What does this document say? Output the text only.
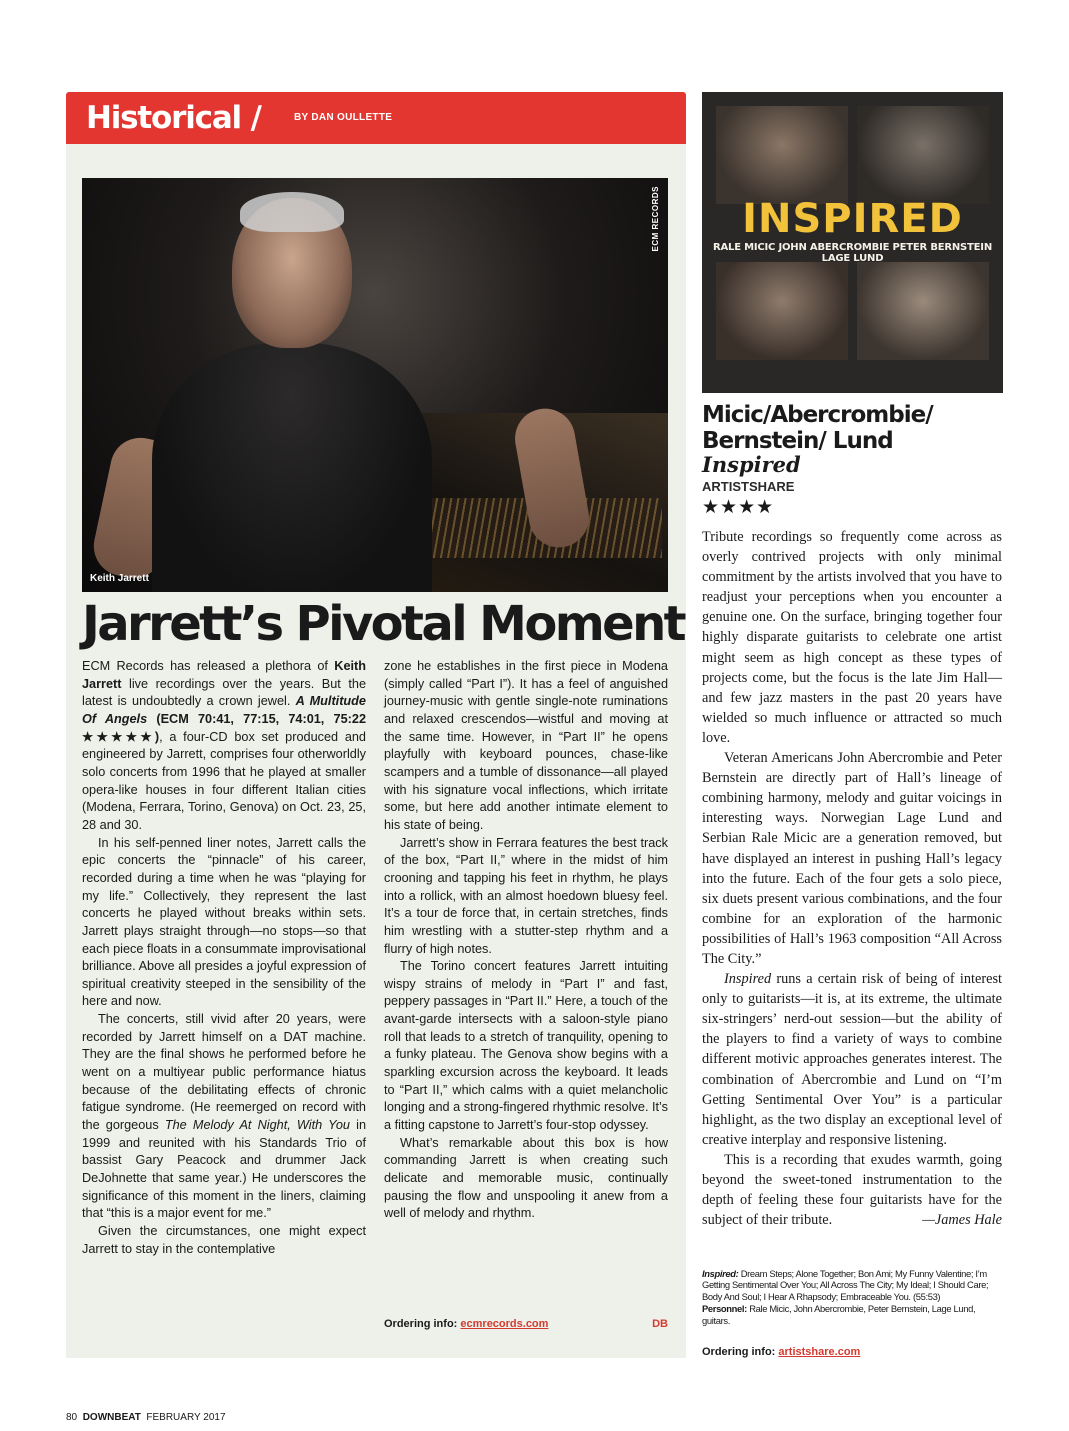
Historical /	BY DAN OULLETTE
Keith Jarrett
ECM RECORDS
Jarrett’s Pivotal Moment

ECM Records has released a plethora of Keith Jarrett live recordings over the years. But the latest is undoubtedly a crown jewel. A Multitude Of Angels (ECM 70:41, 77:15, 74:01, 75:22 ★★★★★), a four-CD box set produced and engineered by Jarrett, comprises four otherworldly solo concerts from 1996 that he played at smaller opera-like houses in four different Italian cities (Modena, Ferrara, Torino, Genova) on Oct. 23, 25, 28 and 30.

In his self-penned liner notes, Jarrett calls the epic concerts the “pinnacle” of his career, recorded during a time when he was “playing for my life.” Collectively, they represent the last concerts he played without breaks within sets. Jarrett plays straight through—no stops—so that each piece floats in a consummate improvisational brilliance. Above all presides a joyful expression of spiritual creativity steeped in the sensibility of the here and now.

The concerts, still vivid after 20 years, were recorded by Jarrett himself on a DAT machine. They are the final shows he performed before he went on a multiyear public performance hiatus because of the debilitating effects of chronic fatigue syndrome. (He reemerged on record with the gorgeous The Melody At Night, With You in 1999 and reunited with his Standards Trio of bassist Gary Peacock and drummer Jack DeJohnette that same year.) He underscores the significance of this moment in the liners, claiming that “this is a major event for me.”

Given the circumstances, one might expect Jarrett to stay in the contemplative

zone he establishes in the first piece in Modena (simply called “Part I”). It has a feel of anguished journey-music with gentle single-note ruminations and relaxed crescendos—wistful and moving at the same time. However, in “Part II” he opens playfully with keyboard pounces, chase-like scampers and a tumble of dissonance—all played with his signature vocal inflections, which irritate some, but here add another intimate element to his state of being.

Jarrett’s show in Ferrara features the best track of the box, “Part II,” where in the midst of him crooning and tapping his feet in rhythm, he plays into a rollick, with an almost hoedown bluesy feel. It’s a tour de force that, in certain stretches, finds him wrestling with a stutter-step rhythm and a flurry of high notes.

The Torino concert features Jarrett intuiting wispy strains of melody in “Part I” and fast, peppery passages in “Part II.” Here, a touch of the avant-garde intersects with a saloon-style piano roll that leads to a stretch of tranquility, opening to a funky plateau. The Genova show begins with a sparkling excursion across the keyboard. It leads to “Part II,” which calms with a quiet melancholic longing and a strong-fingered rhythmic resolve. It’s a fitting capstone to Jarrett’s four-stop odyssey.

What’s remarkable about this box is how commanding Jarrett is when creating such delicate and memorable music, continually pausing the flow and unspooling it anew from a well of melody and rhythm.

Ordering info: ecmrecords.com	DB
INSPIRED
RALE MICIC JOHN ABERCROMBIE PETER BERNSTEIN LAGE LUND
Micic/Abercrombie/ Bernstein/ Lund
Inspired
ARTISTSHARE
★★★★

Tribute recordings so frequently come across as overly contrived projects with only minimal commitment by the artists involved that you have to readjust your perceptions when you encounter a genuine one. On the surface, bringing together four highly disparate guitarists to celebrate one artist might seem as high concept as these types of projects come, but the focus is the late Jim Hall—and few jazz masters in the past 20 years have wielded so much influence or attracted so much love.

Veteran Americans John Abercrombie and Peter Bernstein are directly part of Hall’s lineage of combining harmony, melody and guitar voicings in interesting ways. Norwegian Lage Lund and Serbian Rale Micic are a generation removed, but have displayed an interest in pushing Hall’s legacy into the future. Each of the four gets a solo piece, six duets present various combinations, and the four combine for an exploration of the harmonic possibilities of Hall’s 1963 composition “All Across The City.”

Inspired runs a certain risk of being of interest only to guitarists—it is, at its extreme, the ultimate six-stringers’ nerd-out session—but the ability of the players to find a variety of ways to combine different motivic approaches generates interest. The combination of Abercrombie and Lund on “I’m Getting Sentimental Over You” is a particular highlight, as the two display an exceptional level of creative interplay and responsive listening.

This is a recording that exudes warmth, going beyond the sweet-toned instrumentation to the depth of feeling these four guitarists have for the subject of their tribute.	—James Hale

Inspired: Dream Steps; Alone Together; Bon Ami; My Funny Valentine; I’m Getting Sentimental Over You; All Across The City; My Ideal; I Should Care; Body And Soul; I Hear A Rhapsody; Embraceable You. (55:53)

Personnel: Rale Micic, John Abercrombie, Peter Bernstein, Lage Lund, guitars.

Ordering info: artistshare.com
80 DOWNBEAT FEBRUARY 2017
